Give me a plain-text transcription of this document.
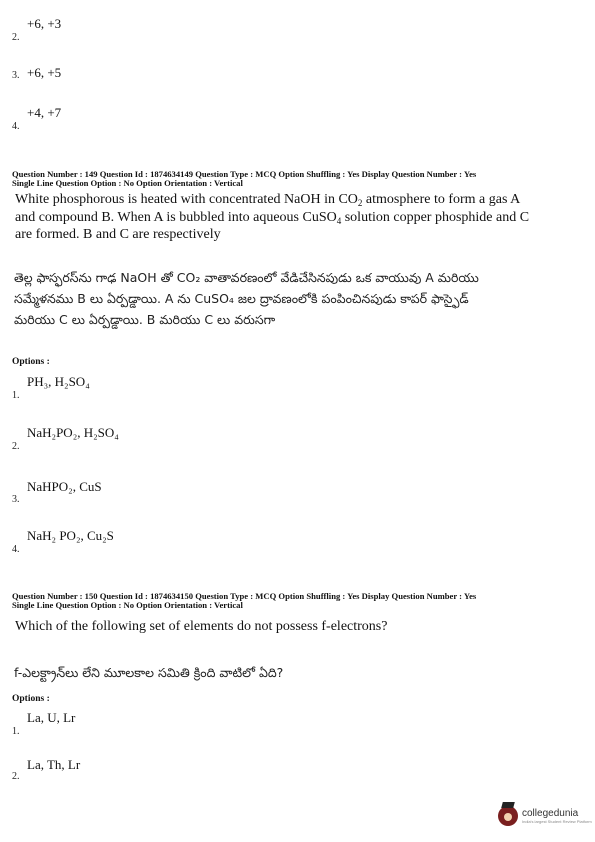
+6, +3
2.
3. +6, +5
+4, +7
4.
Question Number : 149 Question Id : 1874634149 Question Type : MCQ Option Shuffling : Yes Display Question Number : Yes
Single Line Question Option : No Option Orientation : Vertical
White phosphorous is heated with concentrated NaOH in $CO_2$ atmosphere to form a gas A
and compound B. When A is bubbled into aqueous CuSO$_4$ solution copper phosphide and C
are formed. B and C are respectively
తెల్ల ఫాస్ఫరస్‌ను గాఢ NaOH తో CO₂ వాతావరణంలో వేడిచేసినపుడు ఒక వాయువు A మరియు
సమ్మేళనము B లు ఏర్పడ్డాయి. A ను CuSO₄ జల ద్రావణంలోకి పంపించినపుడు కాపర్ ఫాస్ఫైడ్
మరియు C లు ఏర్పడ్డాయి. B మరియు C లు వరుసగా
Options :
PH₃, H₂SO₄
1.
NaH₂PO₂, H₂SO₄
2.
NaHPO₂, CuS
3.
NaH₂ PO₂, Cu₂S
4.
Question Number : 150 Question Id : 1874634150 Question Type : MCQ Option Shuffling : Yes Display Question Number : Yes
Single Line Question Option : No Option Orientation : Vertical
Which of the following set of elements do not possess f-electrons?
f-ఎలక్ట్రాన్‌లు లేని మూలకాల సమితి క్రింది వాటిలో ఏది?
Options :
La, U, Lr
1.
La, Th, Lr
2.
collegedunia
India's largest Student Review Platform
